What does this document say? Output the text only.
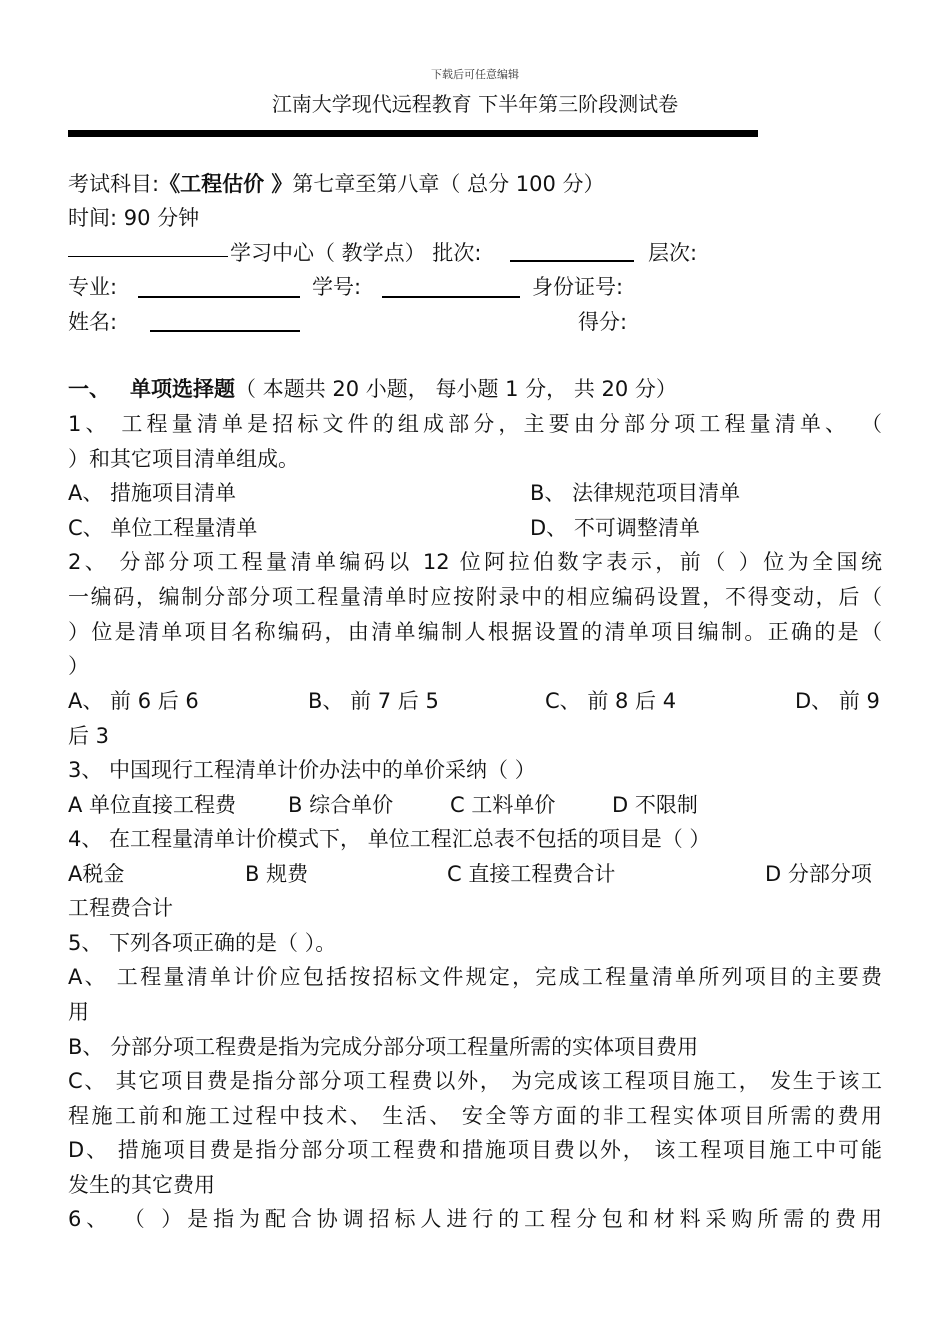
下载后可任意编辑
江南大学现代远程教育 下半年第三阶段测试卷
考试科目:《工程估价 》第七章至第八章（ 总分 100 分）
时间: 90 分钟
学习中心（ 教学点） 批次:	层次:
专业:	学号:	身份证号:
姓名:	得分:
一、 单项选择题（ 本题共 20 小题， 每小题 1 分， 共 20 分）
1、 工程量清单是招标文件的组成部分，主要由分部分项工程量清单、 （
）和其它项目清单组成。
A、 措施项目清单	B、 法律规范项目清单
C、 单位工程量清单	D、 不可调整清单
2、 分部分项工程量清单编码以 12 位阿拉伯数字表示，前（ ）位为全国统
一编码，编制分部分项工程量清单时应按附录中的相应编码设置，不得变动，后（
）位是清单项目名称编码，由清单编制人根据设置的清单项目编制。正确的是（
）
A、 前 6 后 6	B、 前 7 后 5	C、 前 8 后 4	D、 前 9
后 3
3、 中国现行工程清单计价办法中的单价采纳（ ）
A 单位直接工程费 B 综合单价	C 工料单价	D 不限制
4、 在工程量清单计价模式下， 单位工程汇总表不包括的项目是（ ）
A税金	B 规费	C 直接工程费合计	D 分部分项
工程费合计
5、 下列各项正确的是（ ）。
A、 工程量清单计价应包括按招标文件规定，完成工程量清单所列项目的主要费
用
B、 分部分项工程费是指为完成分部分项工程量所需的实体项目费用
C、 其它项目费是指分部分项工程费以外， 为完成该工程项目施工， 发生于该工
程施工前和施工过程中技术、 生活、 安全等方面的非工程实体项目所需的费用
D、 措施项目费是指分部分项工程费和措施项目费以外， 该工程项目施工中可能
发生的其它费用
6、 （ ）是指为配合协调招标人进行的工程分包和材料采购所需的费用
